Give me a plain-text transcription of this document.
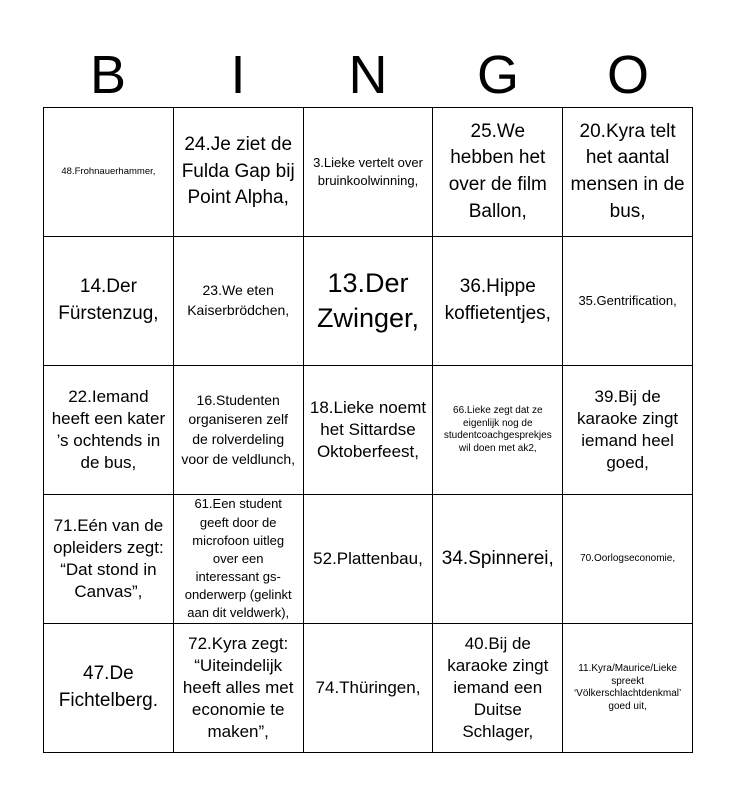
B	I	N	G	O
48.Frohnauerhammer,	24.Je ziet de Fulda Gap bij Point Alpha,	3.Lieke vertelt over bruinkoolwinning,	25.We hebben het over de film Ballon,	20.Kyra telt het aantal mensen in de bus,
14.Der Fürstenzug,	23.We eten Kaiserbrödchen,	13.Der Zwinger,	36.Hippe koffietentjes,	35.Gentrification,
22.Iemand heeft een kater ’s ochtends in de bus,	16.Studenten organiseren zelf de rolverdeling voor de veldlunch,	18.Lieke noemt het Sittardse Oktoberfeest,	66.Lieke zegt dat ze eigenlijk nog de studentcoachgesprekjes wil doen met ak2,	39.Bij de karaoke zingt iemand heel goed,
71.Eén van de opleiders zegt: “Dat stond in Canvas”,	61.Een student geeft door de microfoon uitleg over een interessant gs-onderwerp (gelinkt aan dit veldwerk),	52.Plattenbau,	34.Spinnerei,	70.Oorlogseconomie,
47.De Fichtelberg.	72.Kyra zegt: “Uiteindelijk heeft alles met economie te maken”,	74.Thüringen,	40.Bij de karaoke zingt iemand een Duitse Schlager,	11.Kyra/Maurice/Lieke spreekt ‘Völkerschlachtdenkmal’ goed uit,
